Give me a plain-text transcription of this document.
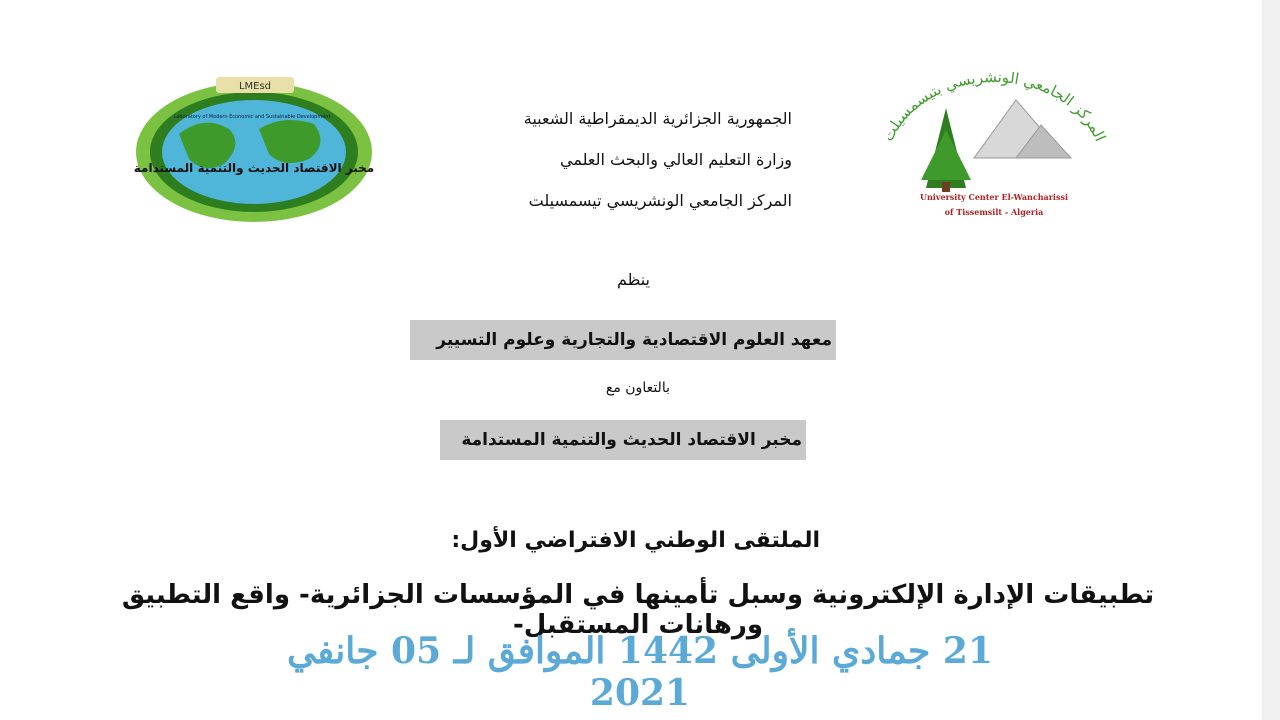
LMEsd
Laboratory of Modern Economic and Sustainable Development
مخبر الاقتصاد الحديث والتنمية المستدامة
المركز الجامعي الونشريسي بتيسمسيلت
University Center El-Wancharissi
of Tissemsilt - Algeria
الجمهورية الجزائرية الديمقراطية الشعبية
وزارة التعليم العالي والبحث العلمي
المركز الجامعي الونشريسي تيسمسيلت
ينظم
معهد العلوم الاقتصادية والتجارية وعلوم التسيير
بالتعاون مع
مخبر الاقتصاد الحديث والتنمية المستدامة
الملتقى الوطني الافتراضي الأول:
تطبيقات الإدارة الإلكترونية وسبل تأمينها في المؤسسات الجزائرية- واقع التطبيق ورهانات المستقبل-
21 جمادي الأولى 1442 الموافق لـ 05 جانفي 2021
